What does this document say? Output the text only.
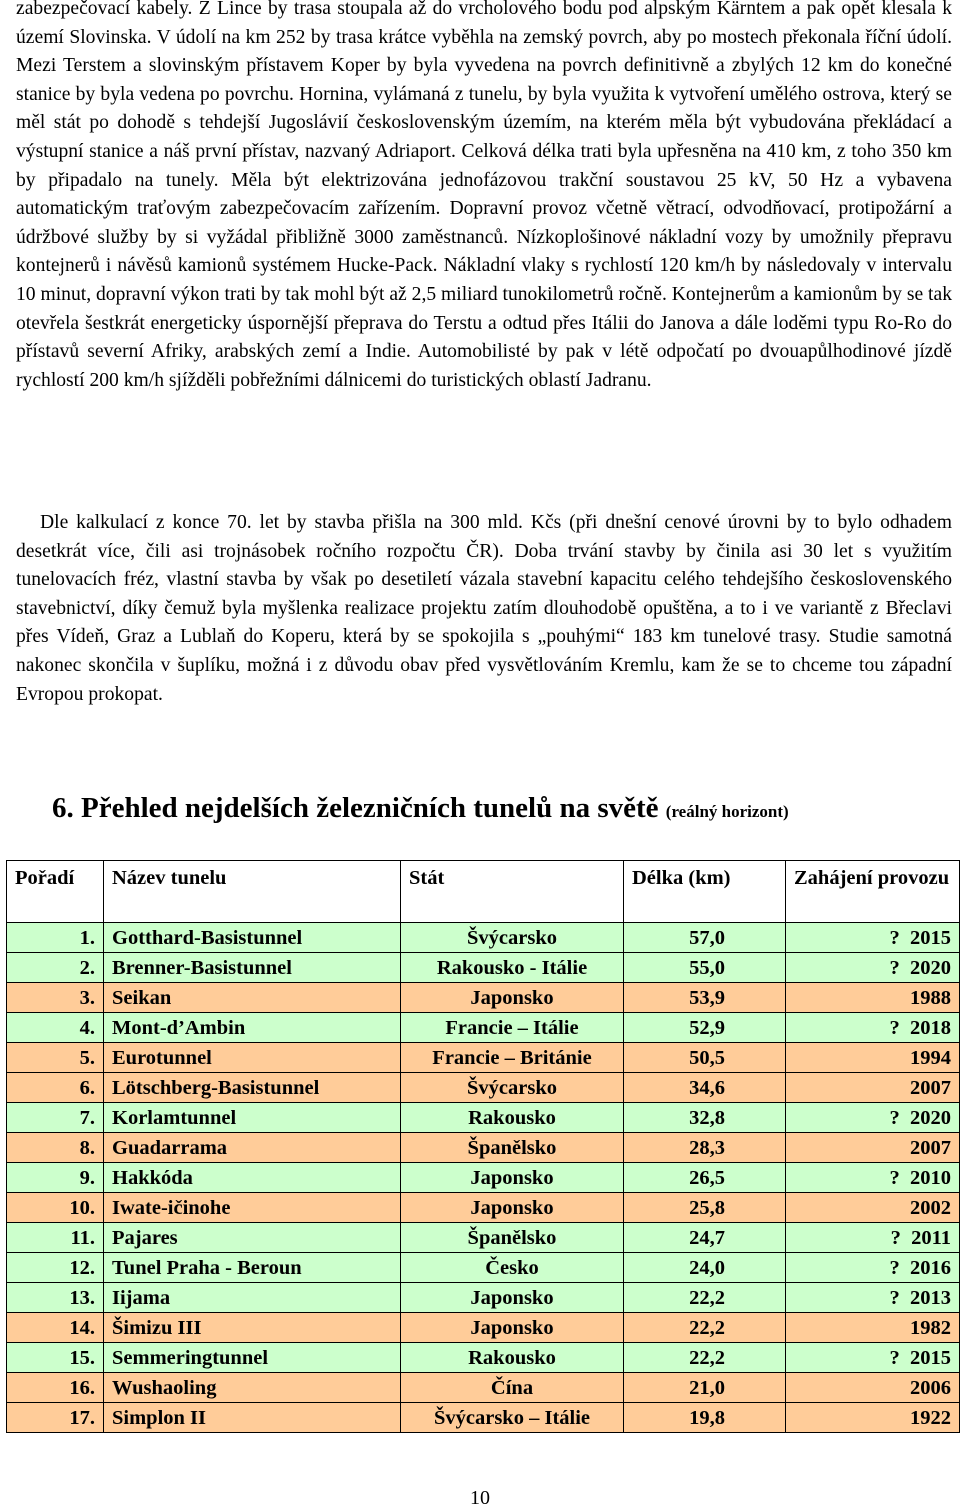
zabezpečovací kabely. Z Lince by trasa stoupala až do vrcholového bodu pod alpským Kärntem a pak opět klesala k území Slovinska. V údolí na km 252 by trasa krátce vyběhla na zemský povrch, aby po mostech překonala říční údolí. Mezi Terstem a slovinským přístavem Koper by byla vyvedena na povrch definitivně a zbylých 12 km do konečné stanice by byla vedena po povrchu. Hornina, vylámaná z tunelu, by byla využita k vytvoření umělého ostrova, který se měl stát po dohodě s tehdejší Jugoslávií československým územím, na kterém měla být vybudována překládací a výstupní stanice a náš první přístav, nazvaný Adriaport. Celková délka trati byla upřesněna na 410 km, z toho 350 km by připadalo na tunely. Měla být elektrizována jednofázovou trakční soustavou 25 kV, 50 Hz a vybavena automatickým traťovým zabezpečovacím zařízením. Dopravní provoz včetně větrací, odvodňovací, protipožární a údržbové služby by si vyžádal přibližně 3000 zaměstnanců. Nízkoplošinové nákladní vozy by umožnily přepravu kontejnerů i návěsů kamionů systémem Hucke-Pack. Nákladní vlaky s rychlostí 120 km/h by následovaly v intervalu 10 minut, dopravní výkon trati by tak mohl být až 2,5 miliard tunokilometrů ročně. Kontejnerům a kamionům by se tak otevřela šestkrát energeticky úspornější přeprava do Terstu a odtud přes Itálii do Janova a dále loděmi typu Ro-Ro do přístavů severní Afriky, arabských zemí a Indie. Automobilisté by pak v létě odpočatí po dvouapůlhodinové jízdě rychlostí 200 km/h sjížděli pobřežními dálnicemi do turistických oblastí Jadranu.

Dle kalkulací z konce 70. let by stavba přišla na 300 mld. Kčs (při dnešní cenové úrovni by to bylo odhadem desetkrát více, čili asi trojnásobek ročního rozpočtu ČR). Doba trvání stavby by činila asi 30 let s využitím tunelovacích fréz, vlastní stavba by však po desetiletí vázala stavební kapacitu celého tehdejšího československého stavebnictví, díky čemuž byla myšlenka realizace projektu zatím dlouhodobě opuštěna, a to i ve variantě z Břeclavi přes Vídeň, Graz a Lublaň do Koperu, která by se spokojila s „pouhými“ 183 km tunelové trasy. Studie samotná nakonec skončila v šuplíku, možná i z důvodu obav před vysvětlováním Kremlu, kam že se to chceme tou západní Evropou prokopat.

6. Přehled nejdelších železničních tunelů na světě (reálný horizont)
Pořadí	Název tunelu	Stát	Délka (km)	Zahájení provozu
1.	Gotthard-Basistunnel	Švýcarsko	57,0	?  2015
2.	Brenner-Basistunnel	Rakousko - Itálie	55,0	?  2020
3.	Seikan	Japonsko	53,9	1988
4.	Mont-d’Ambin	Francie – Itálie	52,9	?  2018
5.	Eurotunnel	Francie – Británie	50,5	1994
6.	Lötschberg-Basistunnel	Švýcarsko	34,6	2007
7.	Korlamtunnel	Rakousko	32,8	?  2020
8.	Guadarrama	Španělsko	28,3	2007
9.	Hakkóda	Japonsko	26,5	?  2010
10.	Iwate-ičinohe	Japonsko	25,8	2002
11.	Pajares	Španělsko	24,7	?  2011
12.	Tunel Praha - Beroun	Česko	24,0	?  2016
13.	Iijama	Japonsko	22,2	?  2013
14.	Šimizu III	Japonsko	22,2	1982
15.	Semmeringtunnel	Rakousko	22,2	?  2015
16.	Wushaoling	Čína	21,0	2006
17.	Simplon II	Švýcarsko – Itálie	19,8	1922
10
